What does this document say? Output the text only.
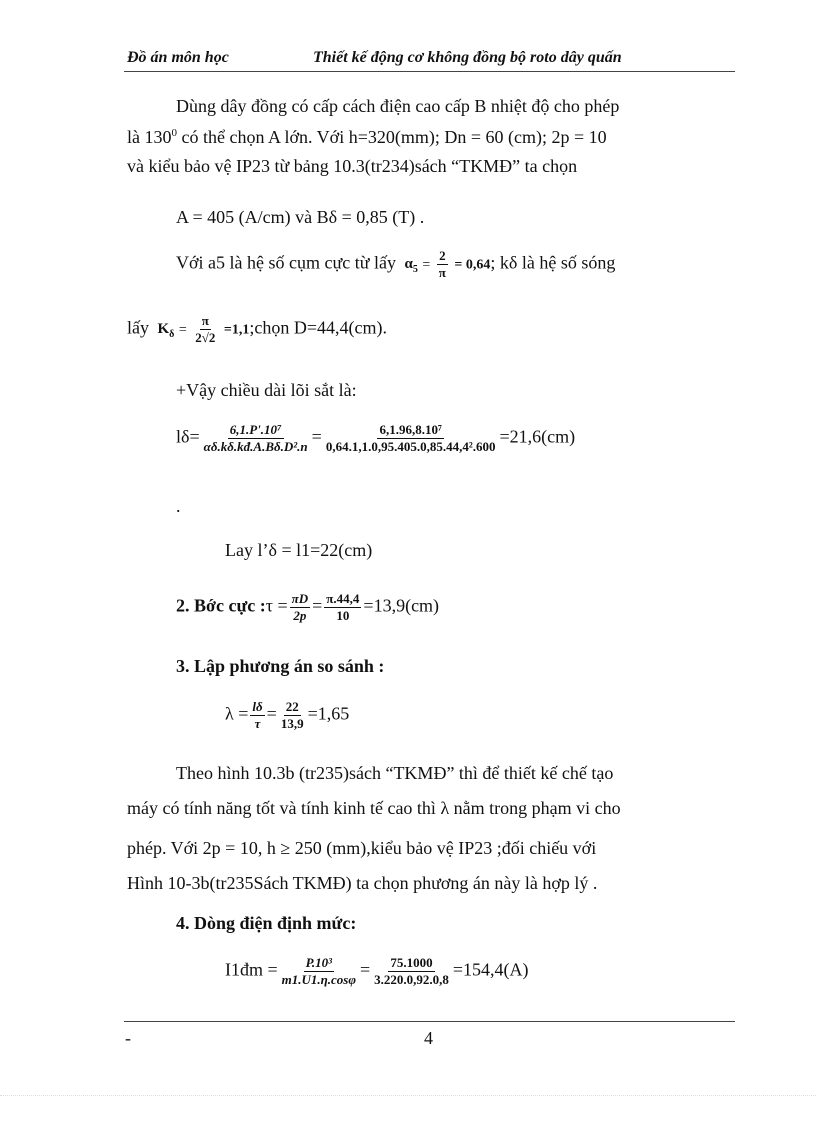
Đồ án môn học	Thiết kế động cơ không đồng bộ roto dây quấn
Dùng dây đồng có cấp cách điện cao cấp B nhiệt độ cho phép
là $130^0$ có thể chọn A lớn. Với h=320(mm); Dn = 60 (cm); 2p = 10
và kiểu bảo vệ IP23 từ bảng 10.3(tr234)sách “TKMĐ” ta chọn
A = 405 (A/cm) và Bδ = 0,85 (T) .
Với a5 là hệ số cụm cực từ lấy $\alpha_5 = \frac{2}{\pi} = 0,64$; kδ là hệ số sóng
lấy $K_\delta = \frac{\pi}{2√2}$ =1,1;chọn D=44,4(cm).
+Vậy chiều dài lõi sắt là:
$l\delta= \frac{\text{6,1.P'.10⁷}}{\text{αδ.kδ.kđ.A.Bδ.D².n}} = \frac{\text{6,1.96,8.10⁷}}{\text{0,64.1,1.0,95.405.0,85.44,4².600}} =21,6(cm)$
.
Lay l’δ = l1=22(cm)
2. Bớc cực :τ = $\frac{\pi D}{2p} = \frac{\pi.44,4}{10} =13,9(cm)$
3. Lập phương án so sánh :
$\lambda = \frac{l\delta}{\tau} = \frac{22}{13,9} =1,65$
Theo hình 10.3b (tr235)sách “TKMĐ” thì để thiết kế chế tạo
máy có tính năng tốt và tính kinh tế cao thì λ nằm trong phạm vi cho
phép. Với 2p = 10, h ≥ 250 (mm),kiểu bảo vệ IP23 ;đối chiếu với
Hình 10-3b(tr235Sách TKMĐ) ta chọn phương án này là hợp lý .
4. Dòng điện định mức:
I1đm = $\frac{\text{P.10³}}{m1.U1.\eta.\cos\varphi} = \frac{75.1000}{3.220.0,92.0,8} =154,4(A)$
-	4
